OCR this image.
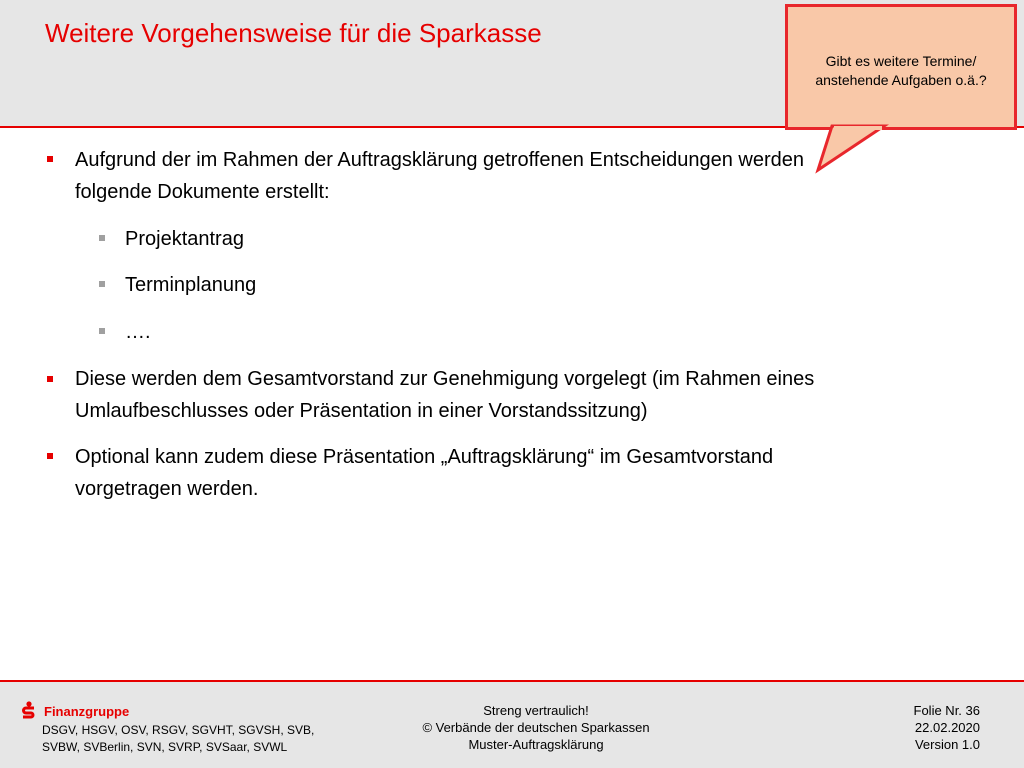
Weitere Vorgehensweise für die Sparkasse
Aufgrund der im Rahmen der Auftragsklärung getroffenen Entscheidungen werden
folgende Dokumente erstellt:
Projektantrag
Terminplanung
….
Diese werden dem Gesamtvorstand zur Genehmigung vorgelegt (im Rahmen eines
Umlaufbeschlusses oder Präsentation in einer Vorstandssitzung)
Optional kann zudem diese Präsentation „Auftragsklärung“ im Gesamtvorstand
vorgetragen werden.
Gibt es weitere Termine/
anstehende Aufgaben o.ä.?
Finanzgruppe
DSGV, HSGV, OSV, RSGV, SGVHT, SGVSH, SVB,
SVBW, SVBerlin, SVN, SVRP, SVSaar, SVWL
Streng vertraulich!
© Verbände der deutschen Sparkassen
Muster-Auftragsklärung
Folie Nr. 36
22.02.2020
Version 1.0
